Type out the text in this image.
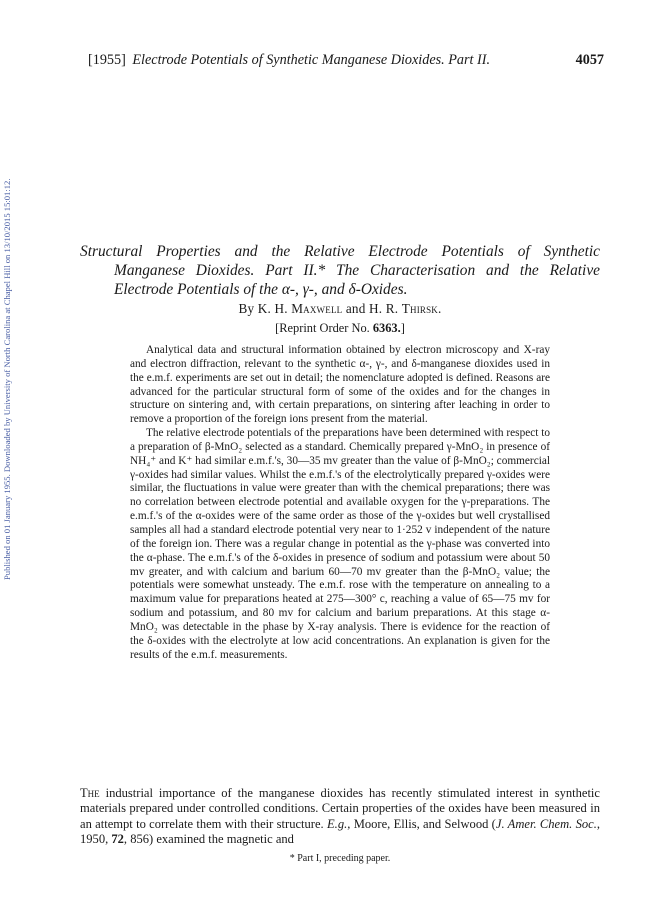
Published on 01 January 1955. Downloaded by University of North Carolina at Chapel Hill on 13/10/2015 15:01:12.
[1955] Electrode Potentials of Synthetic Manganese Dioxides. Part II.	4057
Structural Properties and the Relative Electrode Potentials of Synthetic
Manganese Dioxides. Part II.* The Characterisation and the Relative
Electrode Potentials of the α-, γ-, and δ-Oxides.
By K. H. Maxwell and H. R. Thirsk.
[Reprint Order No. 6363.]

Analytical data and structural information obtained by electron microscopy and X-ray and electron diffraction, relevant to the synthetic α-, γ-, and δ-manganese dioxides used in the e.m.f. experiments are set out in detail; the nomenclature adopted is defined. Reasons are advanced for the particular structural form of some of the oxides and for the changes in structure on sintering and, with certain preparations, on sintering after leaching in order to remove a proportion of the foreign ions present from the material.

The relative electrode potentials of the preparations have been determined with respect to a preparation of β-MnO₂ selected as a standard. Chemically prepared γ-MnO₂ in presence of NH₄⁺ and K⁺ had similar e.m.f.'s, 30—35 mv greater than the value of β-MnO₂; commercial γ-oxides had similar values. Whilst the e.m.f.'s of the electrolytically prepared γ-oxides were similar, the fluctuations in value were greater than with the chemical preparations; there was no correlation between electrode potential and available oxygen for the γ-preparations. The e.m.f.'s of the α-oxides were of the same order as those of the γ-oxides but well crystallised samples all had a standard electrode potential very near to 1·252 v independent of the nature of the foreign ion. There was a regular change in potential as the γ-phase was converted into the α-phase. The e.m.f.'s of the δ-oxides in presence of sodium and potassium were about 50 mv greater, and with calcium and barium 60—70 mv greater than the β-MnO₂ value; the potentials were somewhat unsteady. The e.m.f. rose with the temperature on annealing to a maximum value for preparations heated at 275—300° c, reaching a value of 65—75 mv for sodium and potassium, and 80 mv for calcium and barium preparations. At this stage α-MnO₂ was detectable in the phase by X-ray analysis. There is evidence for the reaction of the δ-oxides with the electrolyte at low acid concentrations. An explanation is given for the results of the e.m.f. measurements.

The industrial importance of the manganese dioxides has recently stimulated interest in synthetic materials prepared under controlled conditions. Certain properties of the oxides have been measured in an attempt to correlate them with their structure. E.g., Moore, Ellis, and Selwood (J. Amer. Chem. Soc., 1950, 72, 856) examined the magnetic and

* Part I, preceding paper.
